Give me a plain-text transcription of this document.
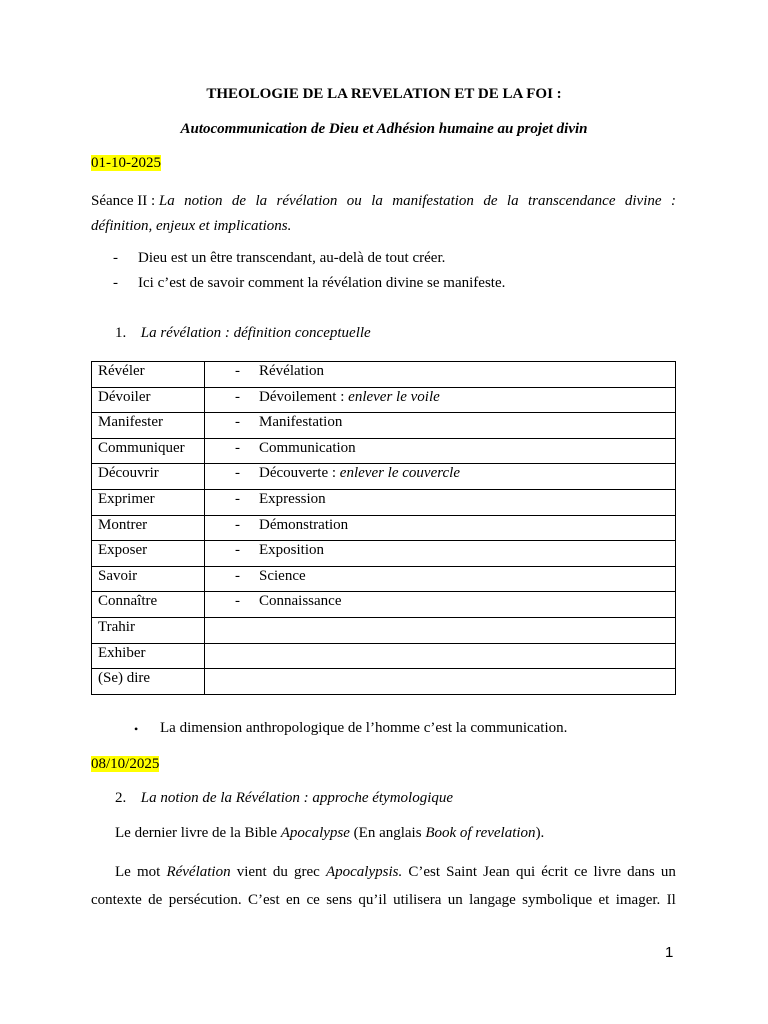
THEOLOGIE DE LA REVELATION ET DE LA FOI :
Autocommunication de Dieu et Adhésion humaine au projet divin
01-10-2025
Séance II : La notion de la révélation ou la manifestation de la transcendance divine :
définition, enjeux et implications.
-	Dieu est un être transcendant, au-delà de tout créer.
-	Ici c’est de savoir comment la révélation divine se manifeste.
1. La révélation : définition conceptuelle
Révéler	- Révélation
Dévoiler	- Dévoilement : enlever le voile
Manifester	- Manifestation
Communiquer	- Communication
Découvrir	- Découverte : enlever le couvercle
Exprimer	- Expression
Montrer	- Démonstration
Exposer	- Exposition
Savoir	- Science
Connaître	- Connaissance
Trahir	
Exhiber	
(Se) dire	
•	La dimension anthropologique de l’homme c’est la communication.
08/10/2025
2. La notion de la Révélation : approche étymologique
Le dernier livre de la Bible Apocalypse (En anglais Book of revelation).
Le mot Révélation vient du grec Apocalypsis. C’est Saint Jean qui écrit ce livre dans un
contexte de persécution. C’est en ce sens qu’il utilisera un langage symbolique et imager. Il
1
